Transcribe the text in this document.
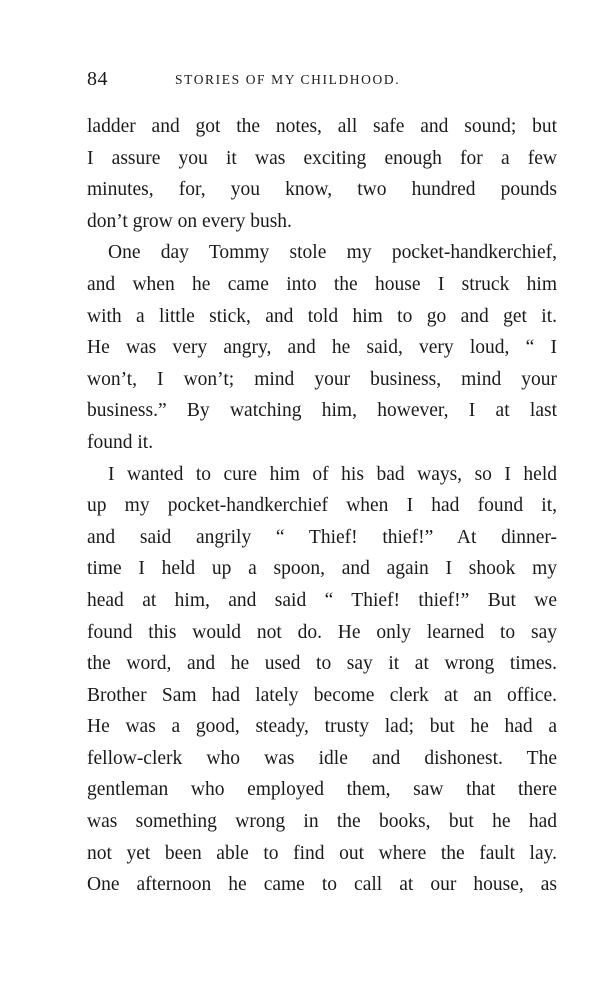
84	STORIES OF MY CHILDHOOD.
ladder and got the notes, all safe and sound; but
I assure you it was exciting enough for a few
minutes, for, you know, two hundred pounds
don’t grow on every bush.
One day Tommy stole my pocket-handkerchief,
and when he came into the house I struck him
with a little stick, and told him to go and get it.
He was very angry, and he said, very loud, “ I
won’t, I won’t; mind your business, mind your
business.” By watching him, however, I at last
found it.
I wanted to cure him of his bad ways, so I held
up my pocket-handkerchief when I had found it,
and said angrily “ Thief! thief!” At dinner-
time I held up a spoon, and again I shook my
head at him, and said “ Thief! thief!” But we
found this would not do. He only learned to say
the word, and he used to say it at wrong times.
Brother Sam had lately become clerk at an office.
He was a good, steady, trusty lad; but he had a
fellow-clerk who was idle and dishonest. The
gentleman who employed them, saw that there
was something wrong in the books, but he had
not yet been able to find out where the fault lay.
One afternoon he came to call at our house, as
